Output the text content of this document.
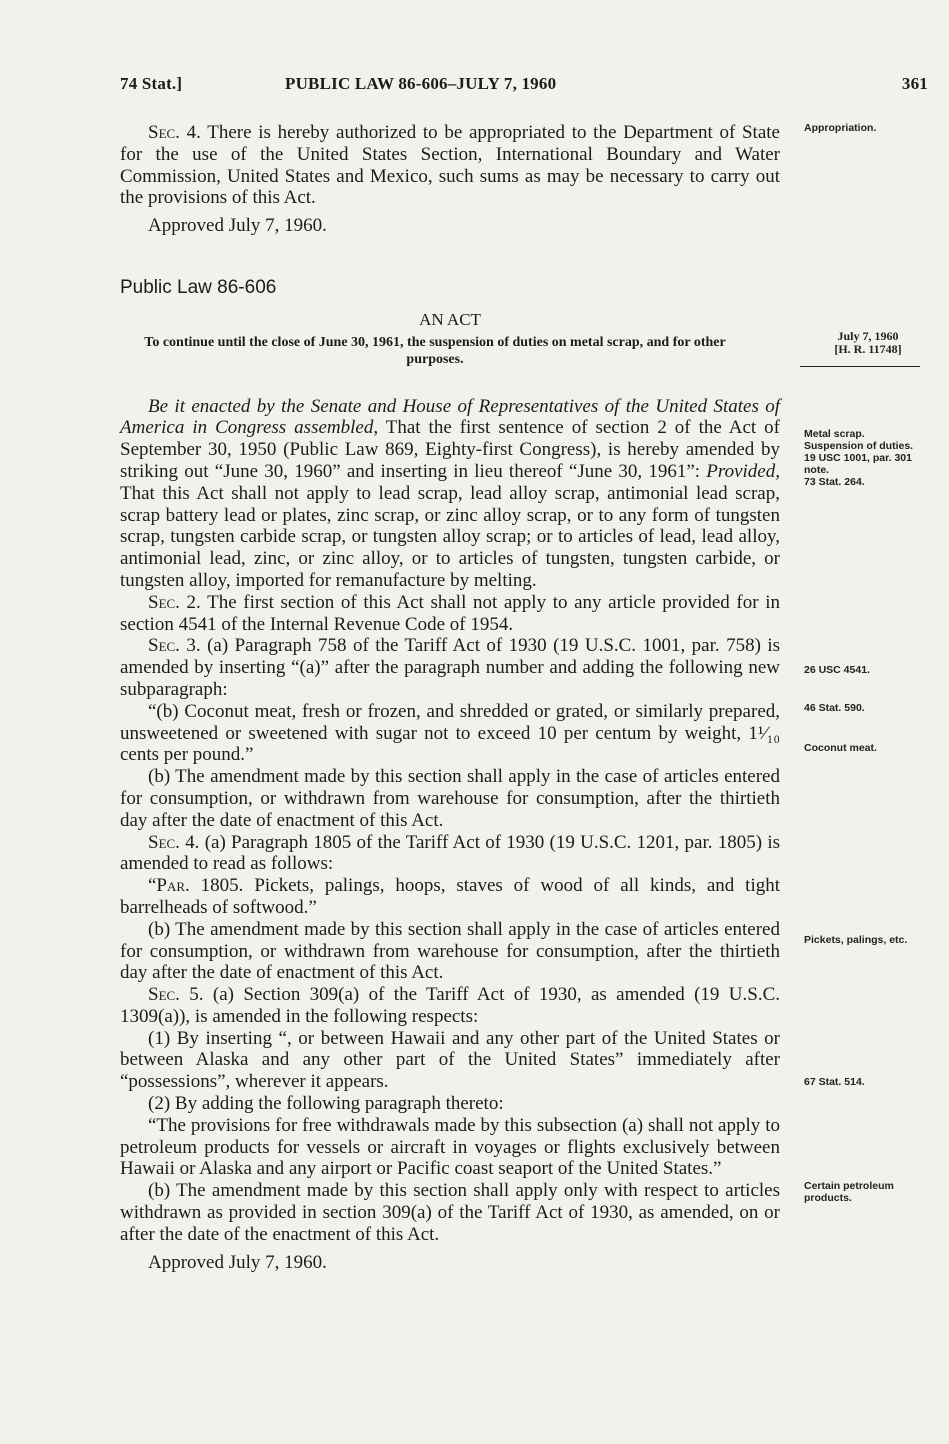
74 Stat.]	PUBLIC LAW 86-606–JULY 7, 1960	361

Sec. 4. There is hereby authorized to be appropriated to the Department of State for the use of the United States Section, International Boundary and Water Commission, United States and Mexico, such sums as may be necessary to carry out the provisions of this Act.

Approved July 7, 1960.

Public Law 86-606

AN ACT

To continue until the close of June 30, 1961, the suspension of duties on metal scrap, and for other purposes.

Be it enacted by the Senate and House of Representatives of the United States of America in Congress assembled, That the first sentence of section 2 of the Act of September 30, 1950 (Public Law 869, Eighty-first Congress), is hereby amended by striking out “June 30, 1960” and inserting in lieu thereof “June 30, 1961”: Provided, That this Act shall not apply to lead scrap, lead alloy scrap, antimonial lead scrap, scrap battery lead or plates, zinc scrap, or zinc alloy scrap, or to any form of tungsten scrap, tungsten carbide scrap, or tungsten alloy scrap; or to articles of lead, lead alloy, antimonial lead, zinc, or zinc alloy, or to articles of tungsten, tungsten carbide, or tungsten alloy, imported for remanufacture by melting.

Sec. 2. The first section of this Act shall not apply to any article provided for in section 4541 of the Internal Revenue Code of 1954.

Sec. 3. (a) Paragraph 758 of the Tariff Act of 1930 (19 U.S.C. 1001, par. 758) is amended by inserting “(a)” after the paragraph number and adding the following new subparagraph:

“(b) Coconut meat, fresh or frozen, and shredded or grated, or similarly prepared, unsweetened or sweetened with sugar not to exceed 10 per centum by weight, 1¹⁄₁₀ cents per pound.”

(b) The amendment made by this section shall apply in the case of articles entered for consumption, or withdrawn from warehouse for consumption, after the thirtieth day after the date of enactment of this Act.

Sec. 4. (a) Paragraph 1805 of the Tariff Act of 1930 (19 U.S.C. 1201, par. 1805) is amended to read as follows:

“Par. 1805. Pickets, palings, hoops, staves of wood of all kinds, and tight barrelheads of softwood.”

(b) The amendment made by this section shall apply in the case of articles entered for consumption, or withdrawn from warehouse for consumption, after the thirtieth day after the date of enactment of this Act.

Sec. 5. (a) Section 309(a) of the Tariff Act of 1930, as amended (19 U.S.C. 1309(a)), is amended in the following respects:

(1) By inserting “, or between Hawaii and any other part of the United States or between Alaska and any other part of the United States” immediately after “possessions”, wherever it appears.

(2) By adding the following paragraph thereto:

“The provisions for free withdrawals made by this subsection (a) shall not apply to petroleum products for vessels or aircraft in voyages or flights exclusively between Hawaii or Alaska and any airport or Pacific coast seaport of the United States.”

(b) The amendment made by this section shall apply only with respect to articles withdrawn as provided in section 309(a) of the Tariff Act of 1930, as amended, on or after the date of the enactment of this Act.

Approved July 7, 1960.

Appropriation.
July 7, 1960
[H. R. 11748]
Metal scrap.
Suspension of duties.
19 USC 1001, par. 301 note.
73 Stat. 264.
26 USC 4541.
46 Stat. 590.
Coconut meat.
Pickets, palings, etc.
67 Stat. 514.
Certain petroleum products.
